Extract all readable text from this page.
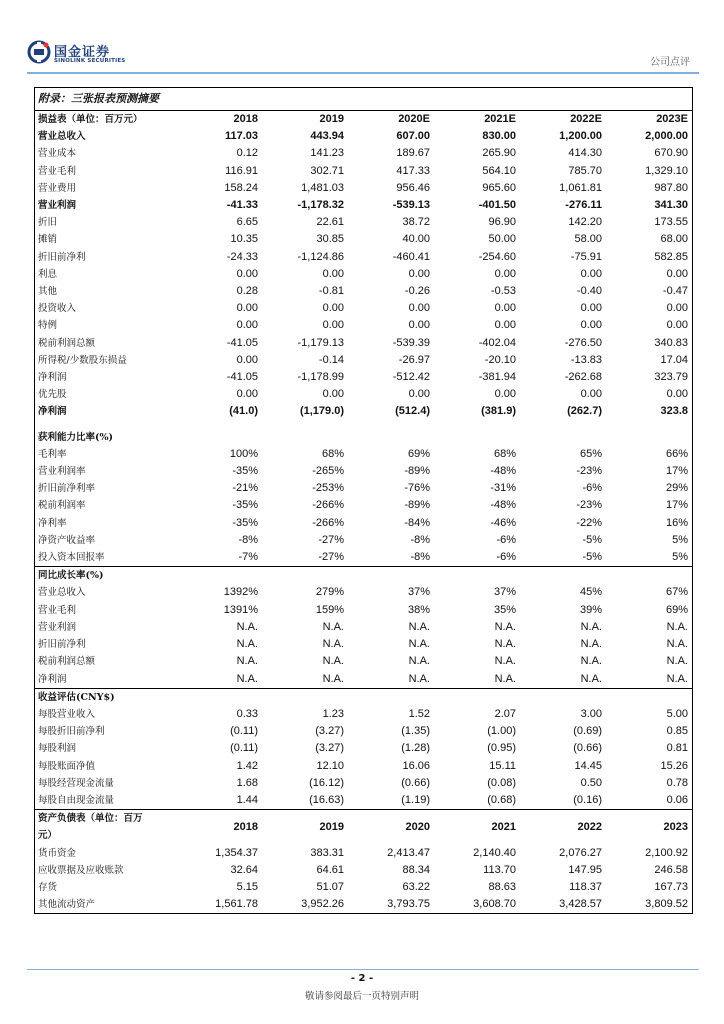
国金证券
SINOLINK SECURITIES	公司点评
附录：三张报表预测摘要
损益表（单位：百万元）	2018	2019	2020E	2021E	2022E	2023E
营业总收入	117.03	443.94	607.00	830.00	1,200.00	2,000.00
营业成本	0.12	141.23	189.67	265.90	414.30	670.90
营业毛利	116.91	302.71	417.33	564.10	785.70	1,329.10
营业费用	158.24	1,481.03	956.46	965.60	1,061.81	987.80
营业利润	-41.33	-1,178.32	-539.13	-401.50	-276.11	341.30
折旧	6.65	22.61	38.72	96.90	142.20	173.55
摊销	10.35	30.85	40.00	50.00	58.00	68.00
折旧前净利	-24.33	-1,124.86	-460.41	-254.60	-75.91	582.85
利息	0.00	0.00	0.00	0.00	0.00	0.00
其他	0.28	-0.81	-0.26	-0.53	-0.40	-0.47
投资收入	0.00	0.00	0.00	0.00	0.00	0.00
特例	0.00	0.00	0.00	0.00	0.00	0.00
税前利润总额	-41.05	-1,179.13	-539.39	-402.04	-276.50	340.83
所得税/少数股东损益	0.00	-0.14	-26.97	-20.10	-13.83	17.04
净利润	-41.05	-1,178.99	-512.42	-381.94	-262.68	323.79
优先股	0.00	0.00	0.00	0.00	0.00	0.00
净利润	(41.0)	(1,179.0)	(512.4)	(381.9)	(262.7)	323.8

获利能力比率(%)						
毛利率	100%	68%	69%	68%	65%	66%
营业利润率	-35%	-265%	-89%	-48%	-23%	17%
折旧前净利率	-21%	-253%	-76%	-31%	-6%	29%
税前利润率	-35%	-266%	-89%	-48%	-23%	17%
净利率	-35%	-266%	-84%	-46%	-22%	16%
净资产收益率	-8%	-27%	-8%	-6%	-5%	5%
投入资本回报率	-7%	-27%	-8%	-6%	-5%	5%
同比成长率(%)						
营业总收入	1392%	279%	37%	37%	45%	67%
营业毛利	1391%	159%	38%	35%	39%	69%
营业利润	N.A.	N.A.	N.A.	N.A.	N.A.	N.A.
折旧前净利	N.A.	N.A.	N.A.	N.A.	N.A.	N.A.
税前利润总额	N.A.	N.A.	N.A.	N.A.	N.A.	N.A.
净利润	N.A.	N.A.	N.A.	N.A.	N.A.	N.A.
收益评估(CNY$)						
每股营业收入	0.33	1.23	1.52	2.07	3.00	5.00
每股折旧前净利	(0.11)	(3.27)	(1.35)	(1.00)	(0.69)	0.85
每股利润	(0.11)	(3.27)	(1.28)	(0.95)	(0.66)	0.81
每股账面净值	1.42	12.10	16.06	15.11	14.45	15.26
每股经营现金流量	1.68	(16.12)	(0.66)	(0.08)	0.50	0.78
每股自由现金流量	1.44	(16.63)	(1.19)	(0.68)	(0.16)	0.06
资产负债表（单位：百万	2018	2019	2020	2021	2022	2023
元）						
货币资金	1,354.37	383.31	2,413.47	2,140.40	2,076.27	2,100.92
应收票据及应收账款	32.64	64.61	88.34	113.70	147.95	246.58
存货	5.15	51.07	63.22	88.63	118.37	167.73
其他流动资产	1,561.78	3,952.26	3,793.75	3,608.70	3,428.57	3,809.52
- 2 -
敬请参阅最后一页特别声明
